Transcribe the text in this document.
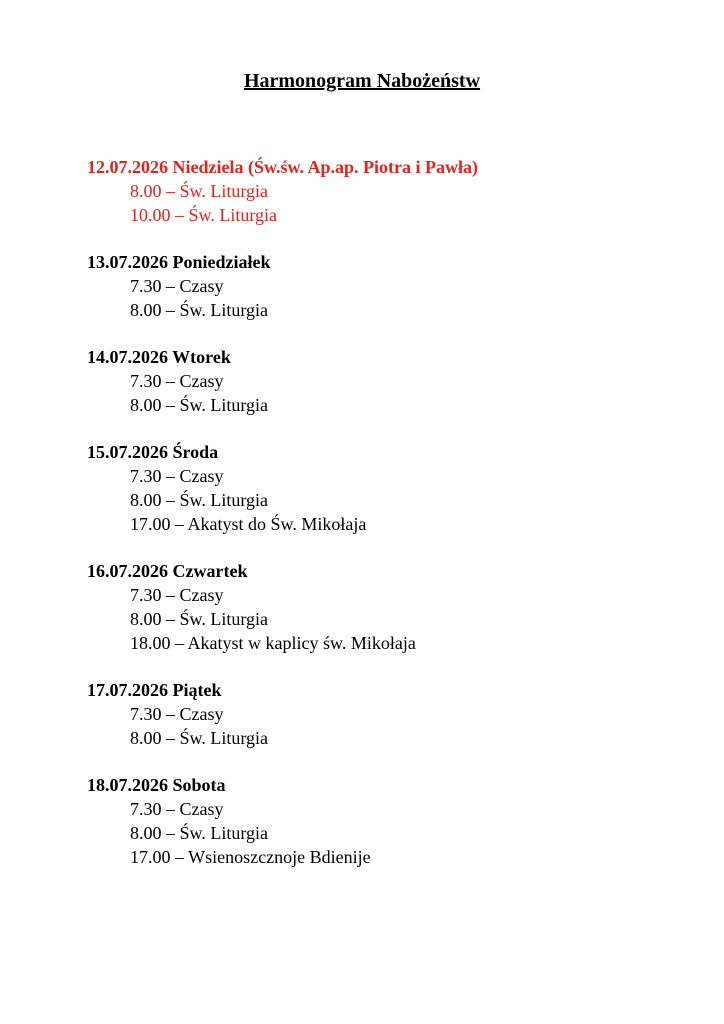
Harmonogram Nabożeństw
12.07.2026 Niedziela (Św.św. Ap.ap. Piotra i Pawła)
8.00 – Św. Liturgia
10.00 – Św. Liturgia
13.07.2026 Poniedziałek
7.30 – Czasy
8.00 – Św. Liturgia
14.07.2026 Wtorek
7.30 – Czasy
8.00 – Św. Liturgia
15.07.2026 Środa
7.30 – Czasy
8.00 – Św. Liturgia
17.00 – Akatyst do Św. Mikołaja
16.07.2026 Czwartek
7.30 – Czasy
8.00 – Św. Liturgia
18.00 – Akatyst w kaplicy św. Mikołaja
17.07.2026 Piątek
7.30 – Czasy
8.00 – Św. Liturgia
18.07.2026 Sobota
7.30 – Czasy
8.00 – Św. Liturgia
17.00 – Wsienoszcznoje Bdienije
